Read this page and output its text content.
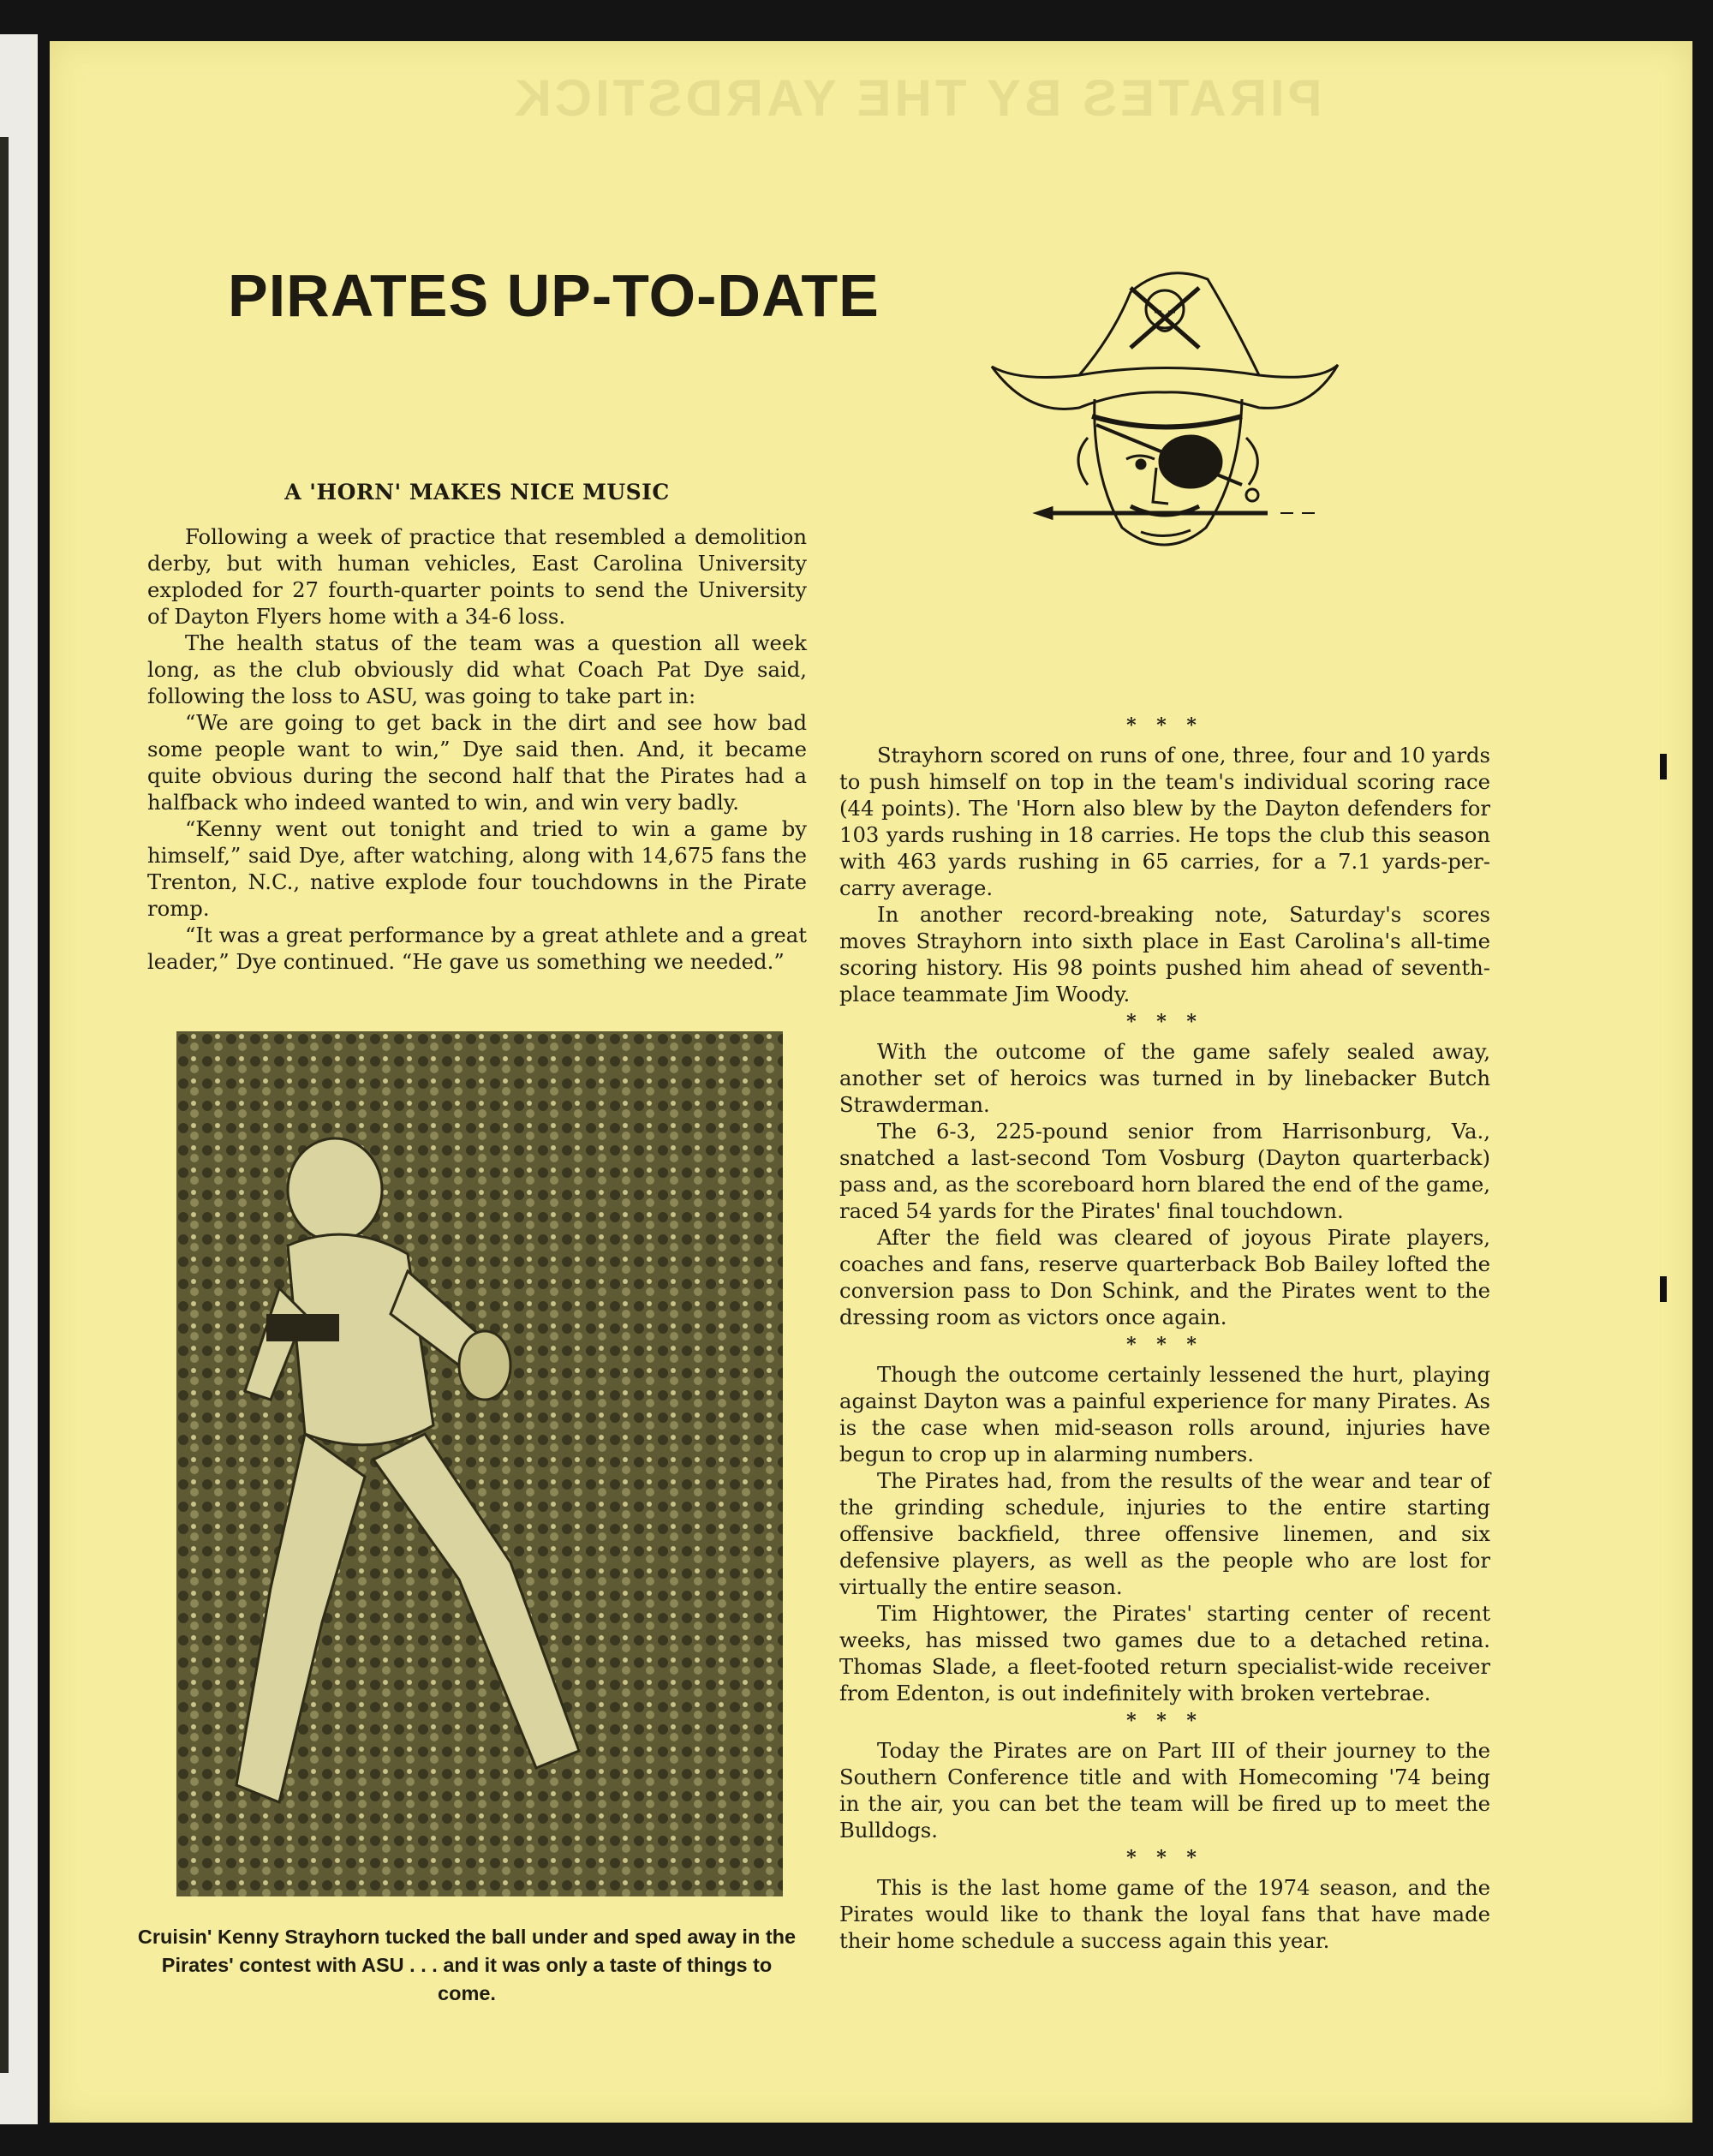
PIRATES BY THE YARDSTICK
PIRATES UP-TO-DATE
A 'HORN' MAKES NICE MUSIC

Following a week of practice that resembled a demolition derby, but with human vehicles, East Carolina University exploded for 27 fourth-quarter points to send the University of Dayton Flyers home with a 34-6 loss.

The health status of the team was a question all week long, as the club obviously did what Coach Pat Dye said, following the loss to ASU, was going to take part in:

“We are going to get back in the dirt and see how bad some people want to win,” Dye said then. And, it became quite obvious during the second half that the Pirates had a halfback who indeed wanted to win, and win very badly.

“Kenny went out tonight and tried to win a game by himself,” said Dye, after watching, along with 14,675 fans the Trenton, N.C., native explode four touchdowns in the Pirate romp.

“It was a great performance by a great athlete and a great leader,” Dye continued. “He gave us something we needed.”

Cruisin' Kenny Strayhorn tucked the ball under and sped away in the Pirates' contest with ASU . . . and it was only a taste of things to come.
* * *

Strayhorn scored on runs of one, three, four and 10 yards to push himself on top in the team's individual scoring race (44 points). The 'Horn also blew by the Dayton defenders for 103 yards rushing in 18 carries. He tops the club this season with 463 yards rushing in 65 carries, for a 7.1 yards-per-carry average.

In another record-breaking note, Saturday's scores moves Strayhorn into sixth place in East Carolina's all-time scoring history. His 98 points pushed him ahead of seventh-place teammate Jim Woody.

* * *

With the outcome of the game safely sealed away, another set of heroics was turned in by linebacker Butch Strawderman.

The 6-3, 225-pound senior from Harrisonburg, Va., snatched a last-second Tom Vosburg (Dayton quarterback) pass and, as the scoreboard horn blared the end of the game, raced 54 yards for the Pirates' final touchdown.

After the field was cleared of joyous Pirate players, coaches and fans, reserve quarterback Bob Bailey lofted the conversion pass to Don Schink, and the Pirates went to the dressing room as victors once again.

* * *

Though the outcome certainly lessened the hurt, playing against Dayton was a painful experience for many Pirates. As is the case when mid-season rolls around, injuries have begun to crop up in alarming numbers.

The Pirates had, from the results of the wear and tear of the grinding schedule, injuries to the entire starting offensive backfield, three offensive linemen, and six defensive players, as well as the people who are lost for virtually the entire season.

Tim Hightower, the Pirates' starting center of recent weeks, has missed two games due to a detached retina. Thomas Slade, a fleet-footed return specialist-wide receiver from Edenton, is out indefinitely with broken vertebrae.

* * *

Today the Pirates are on Part III of their journey to the Southern Conference title and with Homecoming '74 being in the air, you can bet the team will be fired up to meet the Bulldogs.

* * *

This is the last home game of the 1974 season, and the Pirates would like to thank the loyal fans that have made their home schedule a success again this year.
